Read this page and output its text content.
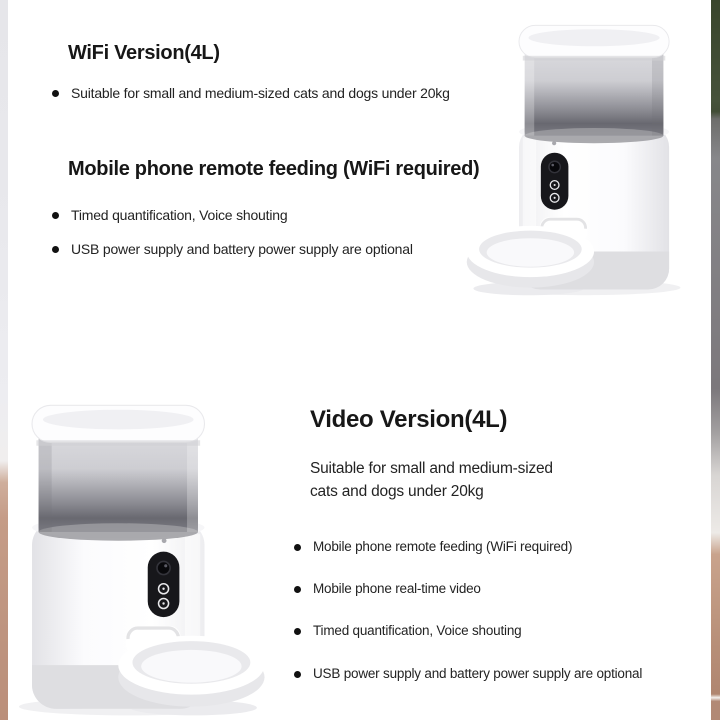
WiFi Version(4L)
Suitable for small and medium-sized cats and dogs under 20kg
Mobile phone remote feeding (WiFi required)
Timed quantification, Voice shouting
USB power supply and battery power supply are optional
Video Version(4L)

Suitable for small and medium-sized cats and dogs under 20kg

Mobile phone remote feeding (WiFi required)
Mobile phone real-time video
Timed quantification, Voice shouting
USB power supply and battery power supply are optional
